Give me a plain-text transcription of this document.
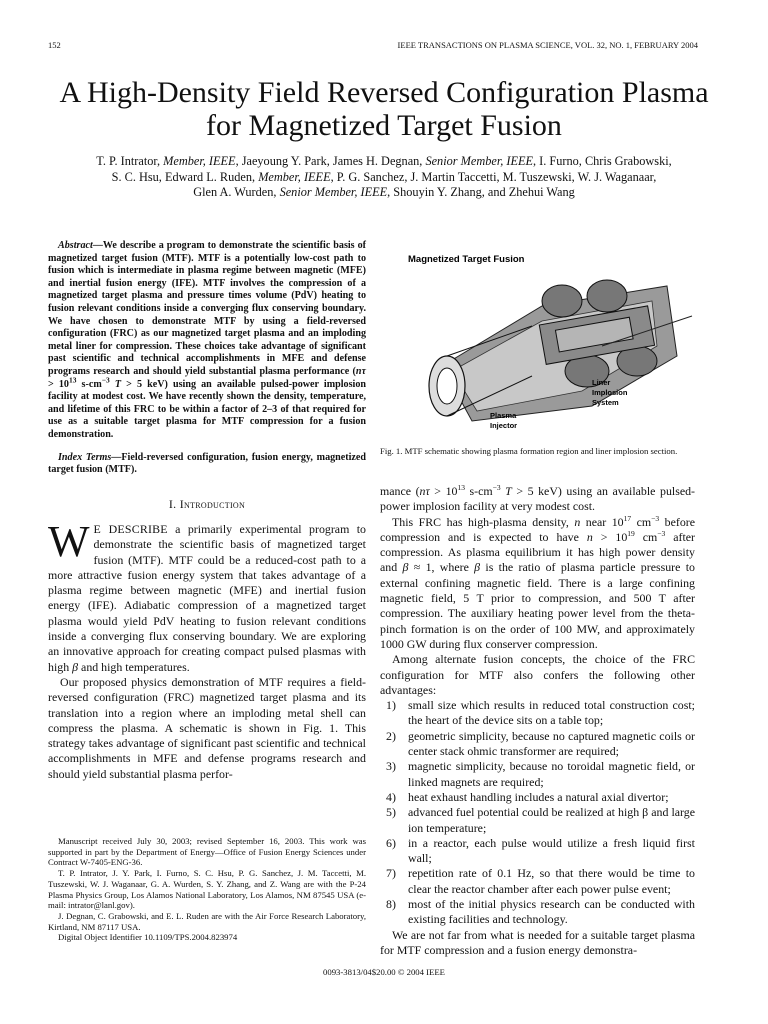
152	IEEE TRANSACTIONS ON PLASMA SCIENCE, VOL. 32, NO. 1, FEBRUARY 2004
A High-Density Field Reversed Configuration Plasma
for Magnetized Target Fusion
T. P. Intrator, Member, IEEE, Jaeyoung Y. Park, James H. Degnan, Senior Member, IEEE, I. Furno, Chris Grabowski,
S. C. Hsu, Edward L. Ruden, Member, IEEE, P. G. Sanchez, J. Martin Taccetti, M. Tuszewski, W. J. Waganaar,
Glen A. Wurden, Senior Member, IEEE, Shouyin Y. Zhang, and Zhehui Wang

Abstract—We describe a program to demonstrate the scientific basis of magnetized target fusion (MTF). MTF is a potentially low-cost path to fusion which is intermediate in plasma regime between magnetic (MFE) and inertial fusion energy (IFE). MTF involves the compression of a magnetized target plasma and pressure times volume (PdV) heating to fusion relevant conditions inside a converging flux conserving boundary. We have chosen to demonstrate MTF by using a field-reversed configuration (FRC) as our magnetized target plasma and an imploding metal liner for compression. These choices take advantage of significant past scientific and technical accomplishments in MFE and defense programs research and should yield substantial plasma performance ($n\tau > 10^{13}$ $s-cm^{-3}$ T > 5 keV) using an available pulsed-power implosion facility at modest cost. We have recently shown the density, temperature, and lifetime of this FRC to be within a factor of 2–3 of that required for use as a suitable target plasma for MTF compression for a fusion demonstration.

Index Terms—Field-reversed configuration, fusion energy, magnetized target fusion (MTF).

I. Introduction

W E DESCRIBE a primarily experimental program to demonstrate the scientific basis of magnetized target fusion (MTF). MTF could be a reduced-cost path to a more attractive fusion energy system that takes advantage of a plasma regime between magnetic (MFE) and inertial fusion energy (IFE). Adiabatic compression of a magnetized target plasma would yield PdV heating to fusion relevant conditions inside a converging flux conserving boundary. We are exploring an innovative approach for creating compact pulsed plasmas with high β and high temperatures.

Our proposed physics demonstration of MTF requires a field-reversed configuration (FRC) magnetized target plasma and its translation into a region where an imploding metal shell can compress the plasma. A schematic is shown in Fig. 1. This strategy takes advantage of significant past scientific and technical accomplishments in MFE and defense programs research and should yield substantial plasma perfor-

Manuscript received July 30, 2003; revised September 16, 2003. This work was supported in part by the Department of Energy—Office of Fusion Energy Sciences under Contract W-7405-ENG-36.

T. P. Intrator, J. Y. Park, I. Furno, S. C. Hsu, P. G. Sanchez, J. M. Taccetti, M. Tuszewski, W. J. Waganaar, G. A. Wurden, S. Y. Zhang, and Z. Wang are with the P-24 Plasma Physics Group, Los Alamos National Laboratory, Los Alamos, NM 87545 USA (e-mail: intrator@lanl.gov).

J. Degnan, C. Grabowski, and E. L. Ruden are with the Air Force Research Laboratory, Kirtland, NM 87117 USA.

Digital Object Identifier 10.1109/TPS.2004.823974

Magnetized Target Fusion
Liner
Implosion
System
Plasma
Injector
Fig. 1. MTF schematic showing plasma formation region and liner implosion section.

mance ($n\tau > 10^{13}$ $s-cm^{-3}$ T > 5 keV) using an available pulsed-power implosion facility at very modest cost.

This FRC has high-plasma density, n near $10^{17}$ $cm^{-3}$ before compression and is expected to have $n > 10^{19}$ $cm^{-3}$ after compression. As plasma equilibrium it has high power density and β ≈ 1, where β is the ratio of plasma particle pressure to external confining magnetic field. There is a large confining magnetic field, 5 T prior to compression, and 500 T after compression. The auxiliary heating power level from the theta-pinch formation is on the order of 100 MW, and approximately 1000 GW during flux conserver compression.

Among alternate fusion concepts, the choice of the FRC configuration for MTF also confers the following other advantages:

1) small size which results in reduced total construction cost; the heart of the device sits on a table top;
2) geometric simplicity, because no captured magnetic coils or center stack ohmic transformer are required;
3) magnetic simplicity, because no toroidal magnetic field, or linked magnets are required;
4) heat exhaust handling includes a natural axial divertor;
5) advanced fuel potential could be realized at high β and large ion temperature;
6) in a reactor, each pulse would utilize a fresh liquid first wall;
7) repetition rate of 0.1 Hz, so that there would be time to clear the reactor chamber after each power pulse event;
8) most of the initial physics research can be conducted with existing facilities and technology.

We are not far from what is needed for a suitable target plasma for MTF compression and a fusion energy demonstra-

0093-3813/04$20.00 © 2004 IEEE
